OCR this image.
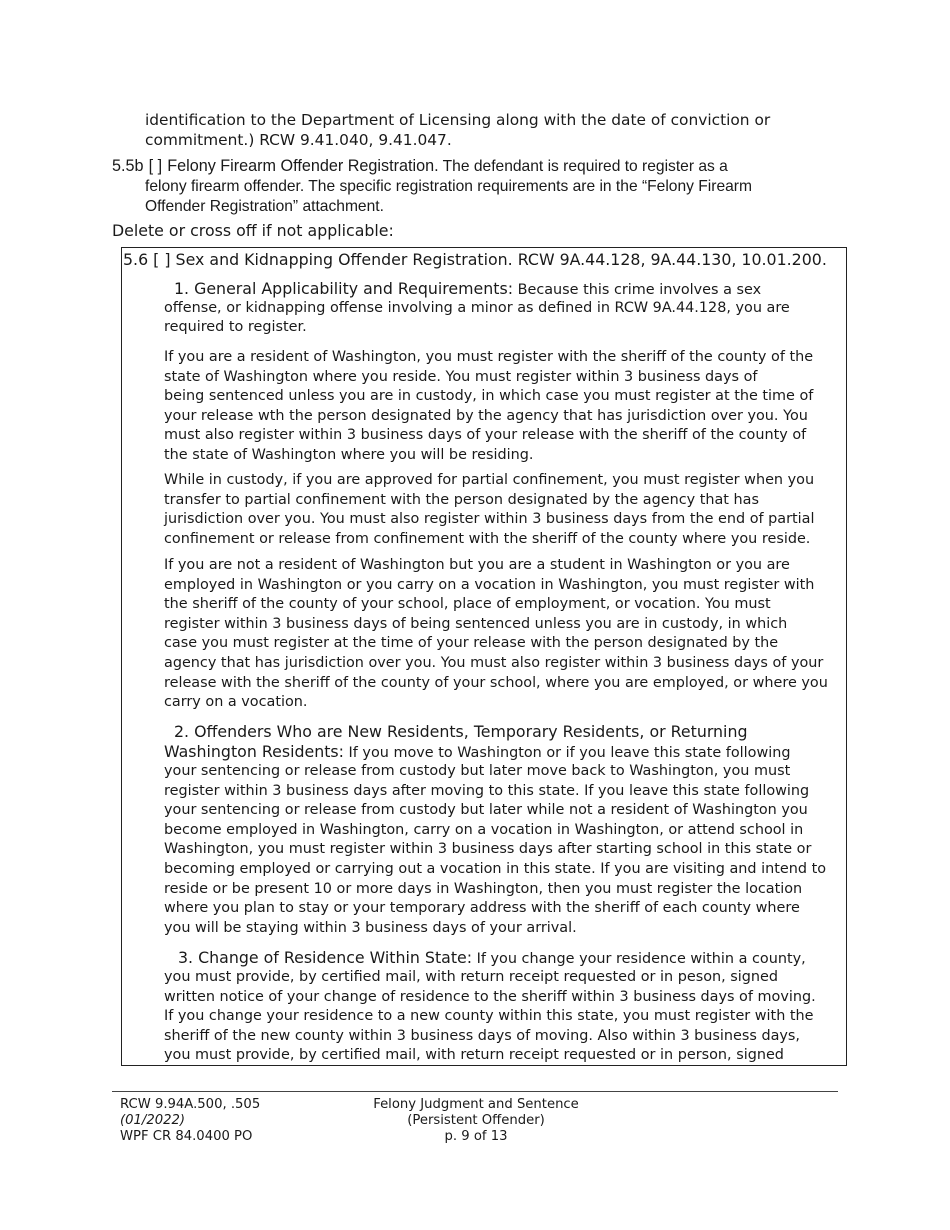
identification to the Department of Licensing along with the date of conviction or

commitment.) RCW 9.41.040, 9.41.047.

5.5b [ ] Felony Firearm Offender Registration. The defendant is required to register as a

felony firearm offender. The specific registration requirements are in the “Felony Firearm

Offender Registration” attachment.

Delete or cross off if not applicable:

5.6 [ ] Sex and Kidnapping Offender Registration. RCW 9A.44.128, 9A.44.130, 10.01.200.
1. General Applicability and Requirements: Because this crime involves a sex

offense, or kidnapping offense involving a minor as defined in RCW 9A.44.128, you are

required to register.

If you are a resident of Washington, you must register with the sheriff of the county of the
state of Washington where you reside. You must register within 3 business days of
being sentenced unless you are in custody, in which case you must register at the time of
your release wth the person designated by the agency that has jurisdiction over you. You
must also register within 3 business days of your release with the sheriff of the county of
the state of Washington where you will be residing.
While in custody, if you are approved for partial confinement, you must register when you
transfer to partial confinement with the person designated by the agency that has
jurisdiction over you. You must also register within 3 business days from the end of partial
confinement or release from confinement with the sheriff of the county where you reside.
If you are not a resident of Washington but you are a student in Washington or you are
employed in Washington or you carry on a vocation in Washington, you must register with
the sheriff of the county of your school, place of employment, or vocation. You must
register within 3 business days of being sentenced unless you are in custody, in which
case you must register at the time of your release with the person designated by the
agency that has jurisdiction over you. You must also register within 3 business days of your
release with the sheriff of the county of your school, where you are employed, or where you
carry on a vocation.

2. Offenders Who are New Residents, Temporary Residents, or Returning

Washington Residents: If you move to Washington or if you leave this state following
your sentencing or release from custody but later move back to Washington, you must
register within 3 business days after moving to this state. If you leave this state following
your sentencing or release from custody but later while not a resident of Washington you
become employed in Washington, carry on a vocation in Washington, or attend school in
Washington, you must register within 3 business days after starting school in this state or
becoming employed or carrying out a vocation in this state. If you are visiting and intend to
reside or be present 10 or more days in Washington, then you must register the location
where you plan to stay or your temporary address with the sheriff of each county where
you will be staying within 3 business days of your arrival.
3. Change of Residence Within State: If you change your residence within a county,
you must provide, by certified mail, with return receipt requested or in peson, signed
written notice of your change of residence to the sheriff within 3 business days of moving.
If you change your residence to a new county within this state, you must register with the
sheriff of the new county within 3 business days of moving. Also within 3 business days,
you must provide, by certified mail, with return receipt requested or in person, signed

RCW 9.94A.500, .505

(01/2022)

WPF CR 84.0400 PO

Felony Judgment and Sentence

(Persistent Offender)

p. 9 of 13
